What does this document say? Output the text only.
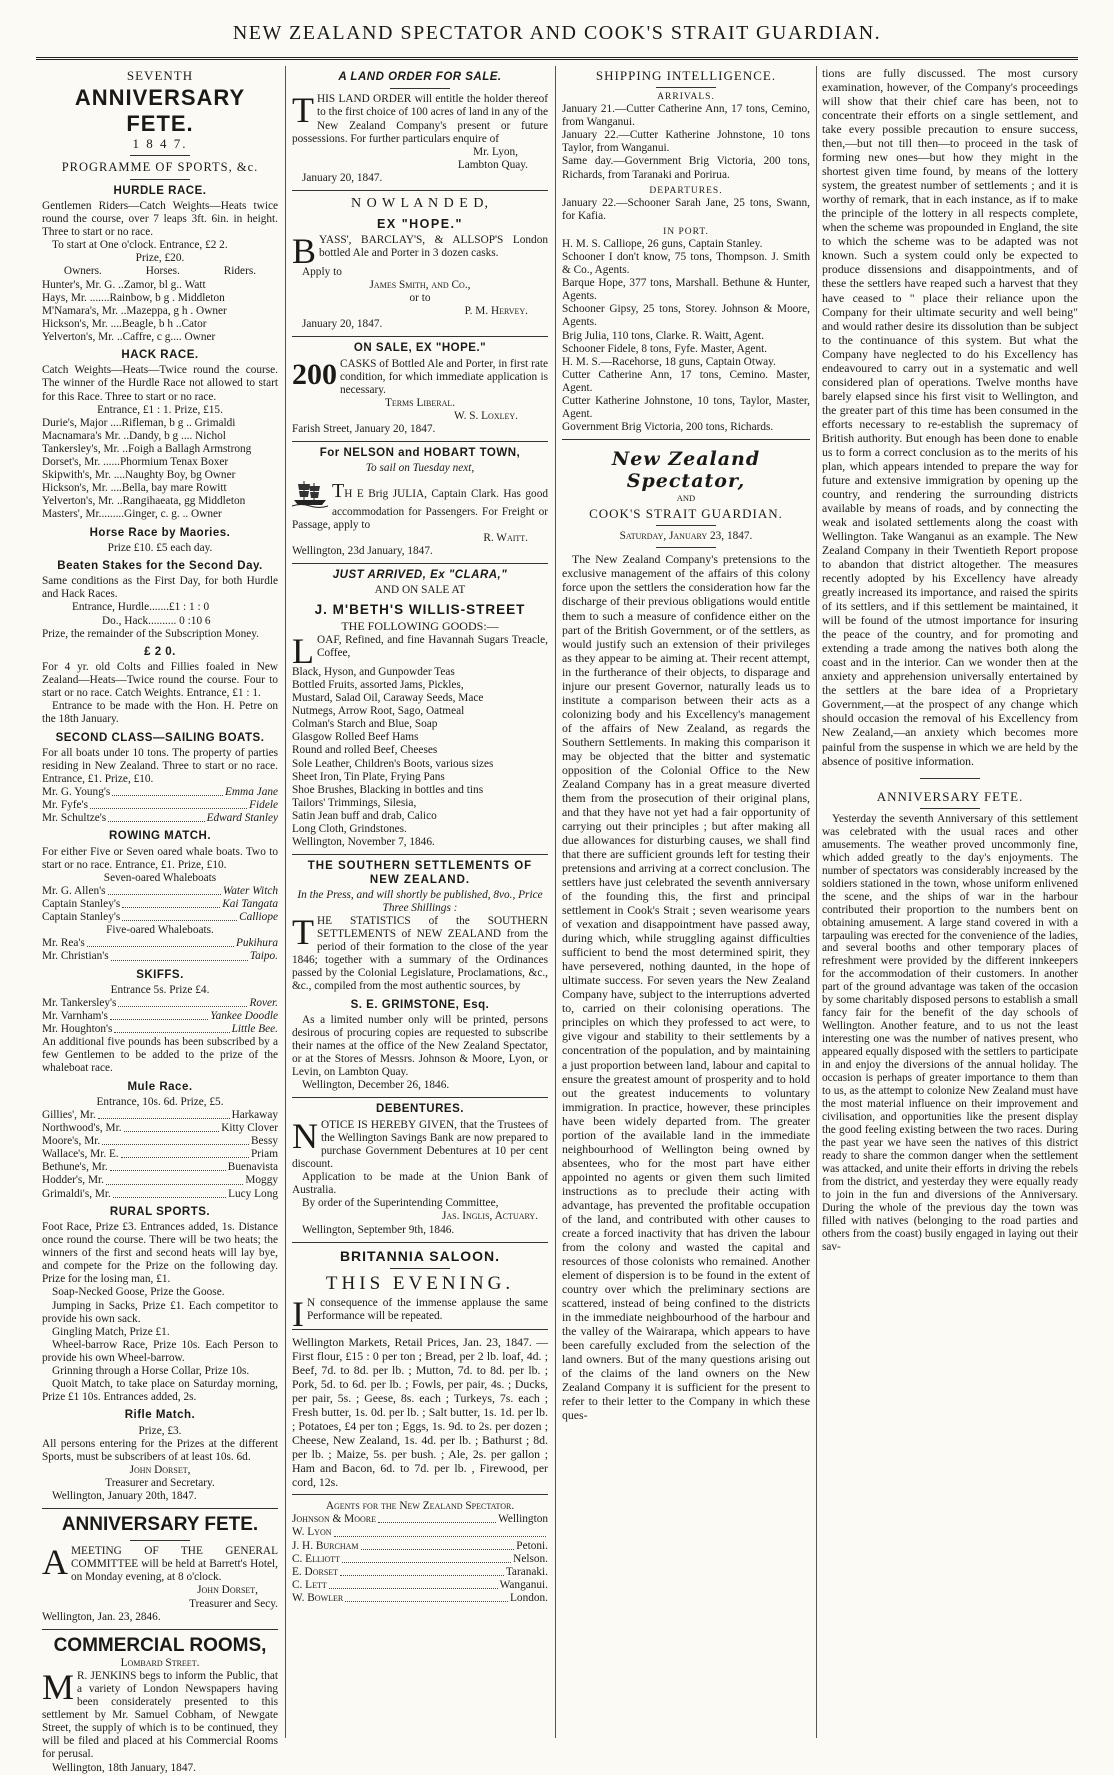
NEW ZEALAND SPECTATOR AND COOK'S STRAIT GUARDIAN.
SEVENTH
ANNIVERSARY FETE.
1 8 4 7.
PROGRAMME OF SPORTS, &c.
HURDLE RACE.

Gentlemen Riders—Catch Weights—Heats twice round the course, over 7 leaps 3ft. 6in. in height. Three to start or no race.

To start at One o'clock. Entrance, £2 2.

Prize, £20.
Owners.	Horses.	Riders.
Hunter's, Mr. G. ..Zamor, bl g.. Watt
Hays, Mr. .......Rainbow, b g . Middleton
M'Namara's, Mr. ..Mazeppa, g h . Owner
Hickson's, Mr. ....Beagle, b h ..Cator
Yelverton's, Mr. ..Caffre, c g.... Owner
HACK RACE.

Catch Weights—Heats—Twice round the course. The winner of the Hurdle Race not allowed to start for this Race. Three to start or no race.

Entrance, £1 : 1. Prize, £15.
Durie's, Major ....Rifleman, b g .. Grimaldi
Macnamara's Mr. ..Dandy, b g .... Nichol
Tankersley's, Mr. ..Foigh a Ballagh Armstrong
Dorset's, Mr. ......Phormium Tenax Boxer
Skipwith's, Mr. ....Naughty Boy, bg Owner
Hickson's, Mr. ....Bella, bay mare Rowitt
Yelverton's, Mr. ..Rangihaeata, gg Middleton
Masters', Mr.........Ginger, c. g. .. Owner
Horse Race by Maories.
Prize £10. £5 each day.
Beaten Stakes for the Second Day.

Same conditions as the First Day, for both Hurdle and Hack Races.

Entrance, Hurdle.......£1 : 1 : 0
Do., Hack.......... 0 :10 6

Prize, the remainder of the Subscription Money.

£ 2 0.

For 4 yr. old Colts and Fillies foaled in New Zealand—Heats—Twice round the course. Four to start or no race. Catch Weights. Entrance, £1 : 1.

Entrance to be made with the Hon. H. Petre on the 18th January.

SECOND CLASS—SAILING BOATS.

For all boats under 10 tons. The property of parties residing in New Zealand. Three to start or no race. Entrance, £1. Prize, £10.

Mr. G. Young's	Emma Jane
Mr. Fyfe's	Fidele
Mr. Schultze's	Edward Stanley
ROWING MATCH.

For either Five or Seven oared whale boats. Two to start or no race. Entrance, £1. Prize, £10.

Seven-oared Whaleboats
Mr. G. Allen's	Water Witch
Captain Stanley's	Kai Tangata
Captain Stanley's	Calliope
Five-oared Whaleboats.
Mr. Rea's	Pukihura
Mr. Christian's	Taipo.
SKIFFS.
Entrance 5s. Prize £4.
Mr. Tankersley's	Rover.
Mr. Varnham's	Yankee Doodle
Mr. Houghton's	Little Bee.

An additional five pounds has been subscribed by a few Gentlemen to be added to the prize of the whaleboat race.

Mule Race.
Entrance, 10s. 6d. Prize, £5.
Gillies', Mr.	Harkaway
Northwood's, Mr.	Kitty Clover
Moore's, Mr.	Bessy
Wallace's, Mr. E.	Priam
Bethune's, Mr.	Buenavista
Hodder's, Mr.	Moggy
Grimaldi's, Mr.	Lucy Long
RURAL SPORTS.

Foot Race, Prize £3. Entrances added, 1s. Distance once round the course. There will be two heats; the winners of the first and second heats will lay bye, and compete for the Prize on the following day. Prize for the losing man, £1.

Soap-Necked Goose, Prize the Goose.

Jumping in Sacks, Prize £1. Each competitor to provide his own sack.

Gingling Match, Prize £1.

Wheel-barrow Race, Prize 10s. Each Person to provide his own Wheel-barrow.

Grinning through a Horse Collar, Prize 10s.

Quoit Match, to take place on Saturday morning, Prize £1 10s. Entrances added, 2s.

Rifle Match.
Prize, £3.

All persons entering for the Prizes at the different Sports, must be subscribers of at least 10s. 6d.

John Dorset,
Treasurer and Secretary.
Wellington, January 20th, 1847.
ANNIVERSARY FETE.

AMEETING OF THE GENERAL COMMITTEE will be held at Barrett's Hotel, on Monday evening, at 8 o'clock.

John Dorset,
Treasurer and Secy.
Wellington, Jan. 23, 2846.
COMMERCIAL ROOMS,
Lombard Street.

M R. JENKINS begs to inform the Public, that a variety of London Newspapers having been considerately presented to this settlement by Mr. Samuel Cobham, of Newgate Street, the supply of which is to be continued, they will be filed and placed at his Commercial Rooms for perusal.

Wellington, 18th January, 1847.
A LAND ORDER FOR SALE.

THIS LAND ORDER will entitle the holder thereof to the first choice of 100 acres of land in any of the New Zealand Company's present or future possessions. For further particulars enquire of

Mr. Lyon,
Lambton Quay.
January 20, 1847.
N O W L A N D E D,
EX "HOPE."

BYASS', BARCLAY'S, & ALLSOP'S London bottled Ale and Porter in 3 dozen casks.

Apply to
James Smith, and Co.,
or to
P. M. Hervey.
January 20, 1847.
ON SALE, EX "HOPE."

200 CASKS of Bottled Ale and Porter, in first rate condition, for which immediate application is necessary.

Terms Liberal.
W. S. Loxley.
Farish Street, January 20, 1847.
For NELSON and HOBART TOWN,
To sail on Tuesday next,

TH E Brig JULIA, Captain Clark. Has good accommodation for Passengers. For Freight or Passage, apply to

R. Waitt.
Wellington, 23d January, 1847.
JUST ARRIVED, Ex "CLARA,"
AND ON SALE AT
J. M'BETH'S WILLIS-STREET
THE FOLLOWING GOODS:—

LOAF, Refined, and fine Havannah Sugars Treacle, Coffee,

Black, Hyson, and Gunpowder Teas
Bottled Fruits, assorted Jams, Pickles,
Mustard, Salad Oil, Caraway Seeds, Mace
Nutmegs, Arrow Root, Sago, Oatmeal
Colman's Starch and Blue, Soap
Glasgow Rolled Beef Hams
Round and rolled Beef, Cheeses
Sole Leather, Children's Boots, various sizes
Sheet Iron, Tin Plate, Frying Pans
Shoe Brushes, Blacking in bottles and tins
Tailors' Trimmings, Silesia,
Satin Jean buff and drab, Calico
Long Cloth, Grindstones.
Wellington, November 7, 1846.
THE SOUTHERN SETTLEMENTS OF NEW ZEALAND.
In the Press, and will shortly be published, 8vo., Price Three Shillings :

THE STATISTICS of the SOUTHERN SETTLEMENTS of NEW ZEALAND from the period of their formation to the close of the year 1846; together with a summary of the Ordinances passed by the Colonial Legislature, Proclamations, &c., &c., compiled from the most authentic sources, by

S. E. GRIMSTONE, Esq.

As a limited number only will be printed, persons desirous of procuring copies are requested to subscribe their names at the office of the New Zealand Spectator, or at the Stores of Messrs. Johnson & Moore, Lyon, or Levin, on Lambton Quay.

Wellington, December 26, 1846.
DEBENTURES.

NOTICE IS HEREBY GIVEN, that the Trustees of the Wellington Savings Bank are now prepared to purchase Government Debentures at 10 per cent discount.

Application to be made at the Union Bank of Australia.

By order of the Superintending Committee,

Jas. Inglis, Actuary.
Wellington, September 9th, 1846.
BRITANNIA SALOON.
THIS EVENING.

I N consequence of the immense applause the same Performance will be repeated.

Wellington Markets, Retail Prices, Jan. 23, 1847. — First flour, £15 : 0 per ton ; Bread, per 2 lb. loaf, 4d. ; Beef, 7d. to 8d. per lb. ; Mutton, 7d. to 8d. per lb. ; Pork, 5d. to 6d. per lb. ; Fowls, per pair, 4s. ; Ducks, per pair, 5s. ; Geese, 8s. each ; Turkeys, 7s. each ; Fresh butter, 1s. 0d. per lb. ; Salt butter, 1s. 1d. per lb. ; Potatoes, £4 per ton ; Eggs, 1s. 9d. to 2s. per dozen ; Cheese, New Zealand, 1s. 4d. per lb. ; Bathurst ; 8d. per lb. ; Maize, 5s. per bush. ; Ale, 2s. per gallon ; Ham and Bacon, 6d. to 7d. per lb. , Firewood, per cord, 12s.

Agents for the New Zealand Spectator.
Johnson & Moore	Wellington
W. Lyon
J. H. Burcham	Petoni.
C. Elliott	Nelson.
E. Dorset	Taranaki.
C. Lett	Wanganui.
W. Bowler	London.
SHIPPING INTELLIGENCE.
ARRIVALS.

January 21.—Cutter Catherine Ann, 17 tons, Cemino, from Wanganui.

January 22.—Cutter Katherine Johnstone, 10 tons Taylor, from Wanganui.

Same day.—Government Brig Victoria, 200 tons, Richards, from Taranaki and Porirua.

DEPARTURES.

January 22.—Schooner Sarah Jane, 25 tons, Swann, for Kafia.

IN PORT.

H. M. S. Calliope, 26 guns, Captain Stanley.

Schooner I don't know, 75 tons, Thompson. J. Smith & Co., Agents.

Barque Hope, 377 tons, Marshall. Bethune & Hunter, Agents.

Schooner Gipsy, 25 tons, Storey. Johnson & Moore, Agents.

Brig Julia, 110 tons, Clarke. R. Waitt, Agent.

Schooner Fidele, 8 tons, Fyfe. Master, Agent.

H. M. S.—Racehorse, 18 guns, Captain Otway.

Cutter Catherine Ann, 17 tons, Cemino. Master, Agent.

Cutter Katherine Johnstone, 10 tons, Taylor, Master, Agent.

Government Brig Victoria, 200 tons, Richards.

New Zealand Spectator,
AND
COOK'S STRAIT GUARDIAN.
Saturday, January 23, 1847.

The New Zealand Company's pretensions to the exclusive management of the affairs of this colony force upon the settlers the consideration how far the discharge of their previous obligations would entitle them to such a measure of confidence either on the part of the British Government, or of the settlers, as would justify such an extension of their privileges as they appear to be aiming at. Their recent attempt, in the furtherance of their objects, to disparage and injure our present Governor, naturally leads us to institute a comparison between their acts as a colonizing body and his Excellency's management of the affairs of New Zealand, as regards the Southern Settlements. In making this comparison it may be objected that the bitter and systematic opposition of the Colonial Office to the New Zealand Company has in a great measure diverted them from the prosecution of their original plans, and that they have not yet had a fair opportunity of carrying out their principles ; but after making all due allowances for disturbing causes, we shall find that there are sufficient grounds left for testing their pretensions and arriving at a correct conclusion. The settlers have just celebrated the seventh anniversary of the founding this, the first and principal settlement in Cook's Strait ; seven wearisome years of vexation and disappointment have passed away, during which, while struggling against difficulties sufficient to bend the most determined spirit, they have persevered, nothing daunted, in the hope of ultimate success. For seven years the New Zealand Company have, subject to the interruptions adverted to, carried on their colonising operations. The principles on which they professed to act were, to give vigour and stability to their settlements by a concentration of the population, and by maintaining a just proportion between land, labour and capital to ensure the greatest amount of prosperity and to hold out the greatest inducements to voluntary immigration. In practice, however, these principles have been widely departed from. The greater portion of the available land in the immediate neighbourhood of Wellington being owned by absentees, who for the most part have either appointed no agents or given them such limited instructions as to preclude their acting with advantage, has prevented the profitable occupation of the land, and contributed with other causes to create a forced inactivity that has driven the labour from the colony and wasted the capital and resources of those colonists who remained. Another element of dispersion is to be found in the extent of country over which the preliminary sections are scattered, instead of being confined to the districts in the immediate neighbourhood of the harbour and the valley of the Wairarapa, which appears to have been carefully excluded from the selection of the land owners. But of the many questions arising out of the claims of the land owners on the New Zealand Company it is sufficient for the present to refer to their letter to the Company in which these ques-

tions are fully discussed. The most cursory examination, however, of the Company's proceedings will show that their chief care has been, not to concentrate their efforts on a single settlement, and take every possible precaution to ensure success, then,—but not till then—to proceed in the task of forming new ones—but how they might in the shortest given time found, by means of the lottery system, the greatest number of settlements ; and it is worthy of remark, that in each instance, as if to make the principle of the lottery in all respects complete, when the scheme was propounded in England, the site to which the scheme was to be adapted was not known. Such a system could only be expected to produce dissensions and disappointments, and of these the settlers have reaped such a harvest that they have ceased to " place their reliance upon the Company for their ultimate security and well being" and would rather desire its dissolution than be subject to the continuance of this system. But what the Company have neglected to do his Excellency has endeavoured to carry out in a systematic and well considered plan of operations. Twelve months have barely elapsed since his first visit to Wellington, and the greater part of this time has been consumed in the efforts necessary to re-establish the supremacy of British authority. But enough has been done to enable us to form a correct conclusion as to the merits of his plan, which appears intended to prepare the way for future and extensive immigration by opening up the country, and rendering the surrounding districts available by means of roads, and by connecting the weak and isolated settlements along the coast with Wellington. Take Wanganui as an example. The New Zealand Company in their Twentieth Report propose to abandon that district altogether. The measures recently adopted by his Excellency have already greatly increased its importance, and raised the spirits of its settlers, and if this settlement be maintained, it will be found of the utmost importance for insuring the peace of the country, and for promoting and extending a trade among the natives both along the coast and in the interior. Can we wonder then at the anxiety and apprehension universally entertained by the settlers at the bare idea of a Proprietary Government,—at the prospect of any change which should occasion the removal of his Excellency from New Zealand,—an anxiety which becomes more painful from the suspense in which we are held by the absence of positive information.

ANNIVERSARY FETE.

Yesterday the seventh Anniversary of this settlement was celebrated with the usual races and other amusements. The weather proved uncommonly fine, which added greatly to the day's enjoyments. The number of spectators was considerably increased by the soldiers stationed in the town, whose uniform enlivened the scene, and the ships of war in the harbour contributed their proportion to the numbers bent on obtaining amusement. A large stand covered in with a tarpauling was erected for the convenience of the ladies, and several booths and other temporary places of refreshment were provided by the different innkeepers for the accommodation of their customers. In another part of the ground advantage was taken of the occasion by some charitably disposed persons to establish a small fancy fair for the benefit of the day schools of Wellington. Another feature, and to us not the least interesting one was the number of natives present, who appeared equally disposed with the settlers to participate in and enjoy the diversions of the annual holiday. The occasion is perhaps of greater importance to them than to us, as the attempt to colonize New Zealand must have the most material influence on their improvement and civilisation, and opportunities like the present display the good feeling existing between the two races. During the past year we have seen the natives of this district ready to share the common danger when the settlement was attacked, and unite their efforts in driving the rebels from the district, and yesterday they were equally ready to join in the fun and diversions of the Anniversary. During the whole of the previous day the town was filled with natives (belonging to the road parties and others from the coast) busily engaged in laying out their sav-
